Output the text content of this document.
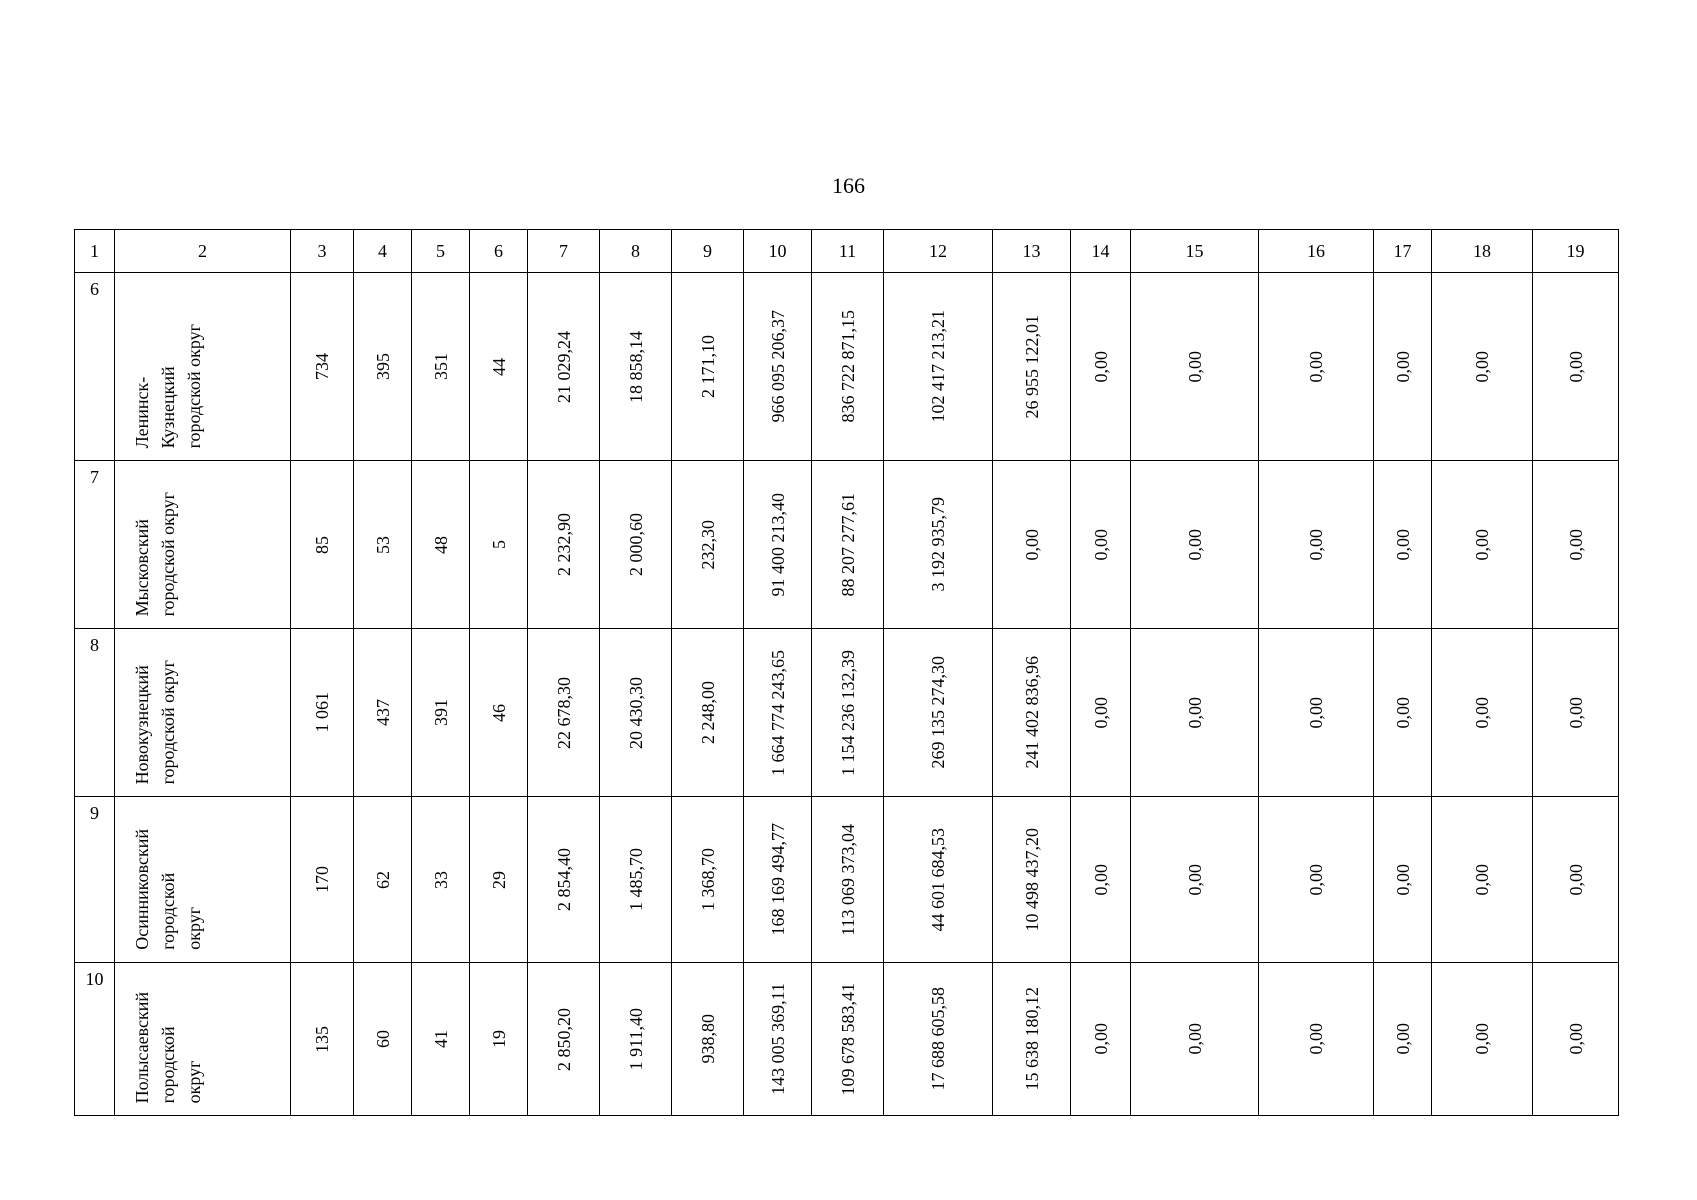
166
1	2	3	4	5	6	7	8	9	10	11	12	13	14	15	16	17	18	19
6	Ленинск-
Кузнецкий
городской округ	734	395	351	44	21 029,24	18 858,14	2 171,10	966 095 206,37	836 722 871,15	102 417 213,21	26 955 122,01	0,00	0,00	0,00	0,00	0,00	0,00

7	Мысковский
городской округ	85	53	48	5	2 232,90	2 000,60	232,30	91 400 213,40	88 207 277,61	3 192 935,79	0,00	0,00	0,00	0,00	0,00	0,00	0,00

8	Новокузнецкий
городской округ	1 061	437	391	46	22 678,30	20 430,30	2 248,00	1 664 774 243,65	1 154 236 132,39	269 135 274,30	241 402 836,96	0,00	0,00	0,00	0,00	0,00	0,00

9	Осинниковский
городской
округ	170	62	33	29	2 854,40	1 485,70	1 368,70	168 169 494,77	113 069 373,04	44 601 684,53	10 498 437,20	0,00	0,00	0,00	0,00	0,00	0,00

10	Полысаевский
городской
округ	135	60	41	19	2 850,20	1 911,40	938,80	143 005 369,11	109 678 583,41	17 688 605,58	15 638 180,12	0,00	0,00	0,00	0,00	0,00	0,00
